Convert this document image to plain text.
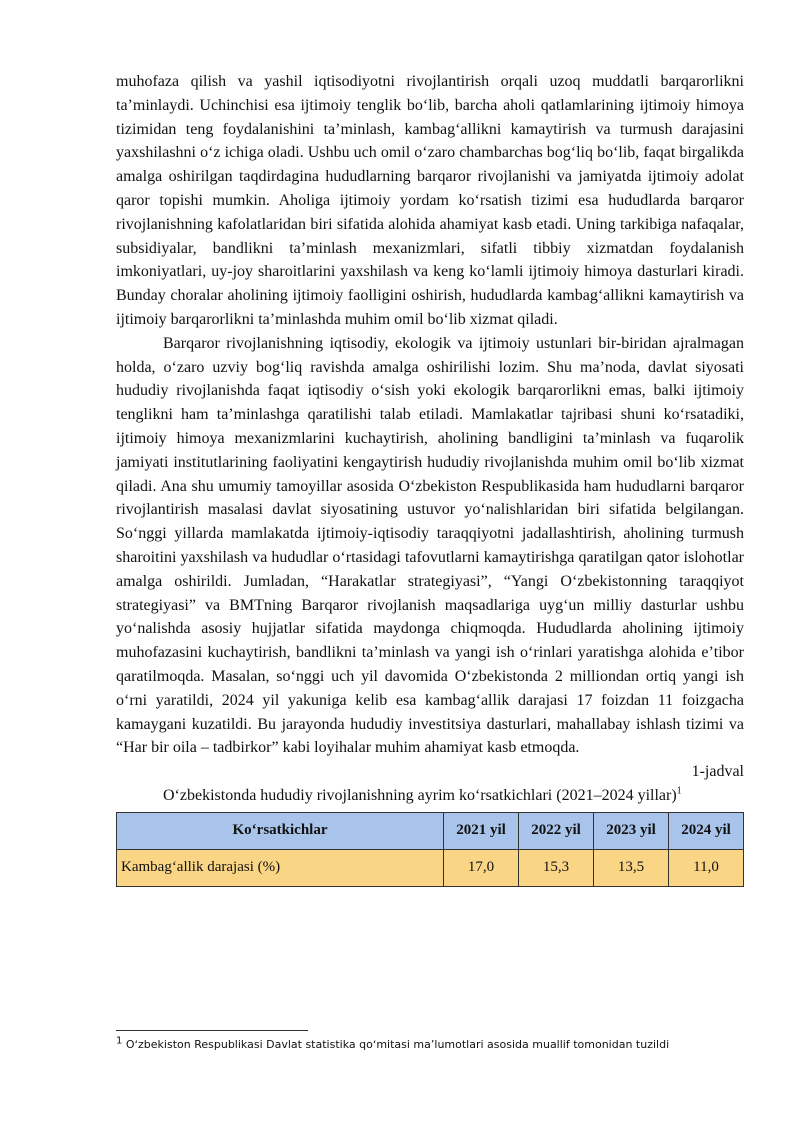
muhofaza qilish va yashil iqtisodiyotni rivojlantirish orqali uzoq muddatli barqarorlikni taʼminlaydi. Uchinchisi esa ijtimoiy tenglik boʻlib, barcha aholi qatlamlarining ijtimoiy himoya tizimidan teng foydalanishini taʼminlash, kambagʻallikni kamaytirish va turmush darajasini yaxshilashni oʻz ichiga oladi. Ushbu uch omil oʻzaro chambarchas bogʻliq boʻlib, faqat birgalikda amalga oshirilgan taqdirdagina hududlarning barqaror rivojlanishi va jamiyatda ijtimoiy adolat qaror topishi mumkin. Aholiga ijtimoiy yordam koʻrsatish tizimi esa hududlarda barqaror rivojlanishning kafolatlaridan biri sifatida alohida ahamiyat kasb etadi. Uning tarkibiga nafaqalar, subsidiyalar, bandlikni taʼminlash mexanizmlari, sifatli tibbiy xizmatdan foydalanish imkoniyatlari, uy-joy sharoitlarini yaxshilash va keng koʻlamli ijtimoiy himoya dasturlari kiradi. Bunday choralar aholining ijtimoiy faolligini oshirish, hududlarda kambagʻallikni kamaytirish va ijtimoiy barqarorlikni taʼminlashda muhim omil boʻlib xizmat qiladi.

Barqaror rivojlanishning iqtisodiy, ekologik va ijtimoiy ustunlari bir-biridan ajralmagan holda, oʻzaro uzviy bogʻliq ravishda amalga oshirilishi lozim. Shu maʼnoda, davlat siyosati hududiy rivojlanishda faqat iqtisodiy oʻsish yoki ekologik barqarorlikni emas, balki ijtimoiy tenglikni ham taʼminlashga qaratilishi talab etiladi. Mamlakatlar tajribasi shuni koʻrsatadiki, ijtimoiy himoya mexanizmlarini kuchaytirish, aholining bandligini taʼminlash va fuqarolik jamiyati institutlarining faoliyatini kengaytirish hududiy rivojlanishda muhim omil boʻlib xizmat qiladi. Ana shu umumiy tamoyillar asosida Oʻzbekiston Respublikasida ham hududlarni barqaror rivojlantirish masalasi davlat siyosatining ustuvor yoʻnalishlaridan biri sifatida belgilangan. Soʻnggi yillarda mamlakatda ijtimoiy-iqtisodiy taraqqiyotni jadallashtirish, aholining turmush sharoitini yaxshilash va hududlar oʻrtasidagi tafovutlarni kamaytirishga qaratilgan qator islohotlar amalga oshirildi. Jumladan, “Harakatlar strategiyasi”, “Yangi Oʻzbekistonning taraqqiyot strategiyasi” va BMTning Barqaror rivojlanish maqsadlariga uygʻun milliy dasturlar ushbu yoʻnalishda asosiy hujjatlar sifatida maydonga chiqmoqda. Hududlarda aholining ijtimoiy muhofazasini kuchaytirish, bandlikni taʼminlash va yangi ish oʻrinlari yaratishga alohida eʼtibor qaratilmoqda. Masalan, soʻnggi uch yil davomida Oʻzbekistonda 2 milliondan ortiq yangi ish oʻrni yaratildi, 2024 yil yakuniga kelib esa kambagʻallik darajasi 17 foizdan 11 foizgacha kamaygani kuzatildi. Bu jarayonda hududiy investitsiya dasturlari, mahallabay ishlash tizimi va “Har bir oila – tadbirkor” kabi loyihalar muhim ahamiyat kasb etmoqda.

1-jadval

Oʻzbekistonda hududiy rivojlanishning ayrim koʻrsatkichlari (2021–2024 yillar)$^1$

Koʻrsatkichlar	2021 yil	2022 yil	2023 yil	2024 yil
Kambagʻallik darajasi (%)	17,0	15,3	13,5	11,0
$^1$ Oʻzbekiston Respublikasi Davlat statistika qoʻmitasi maʼlumotlari asosida muallif tomonidan tuzildi
